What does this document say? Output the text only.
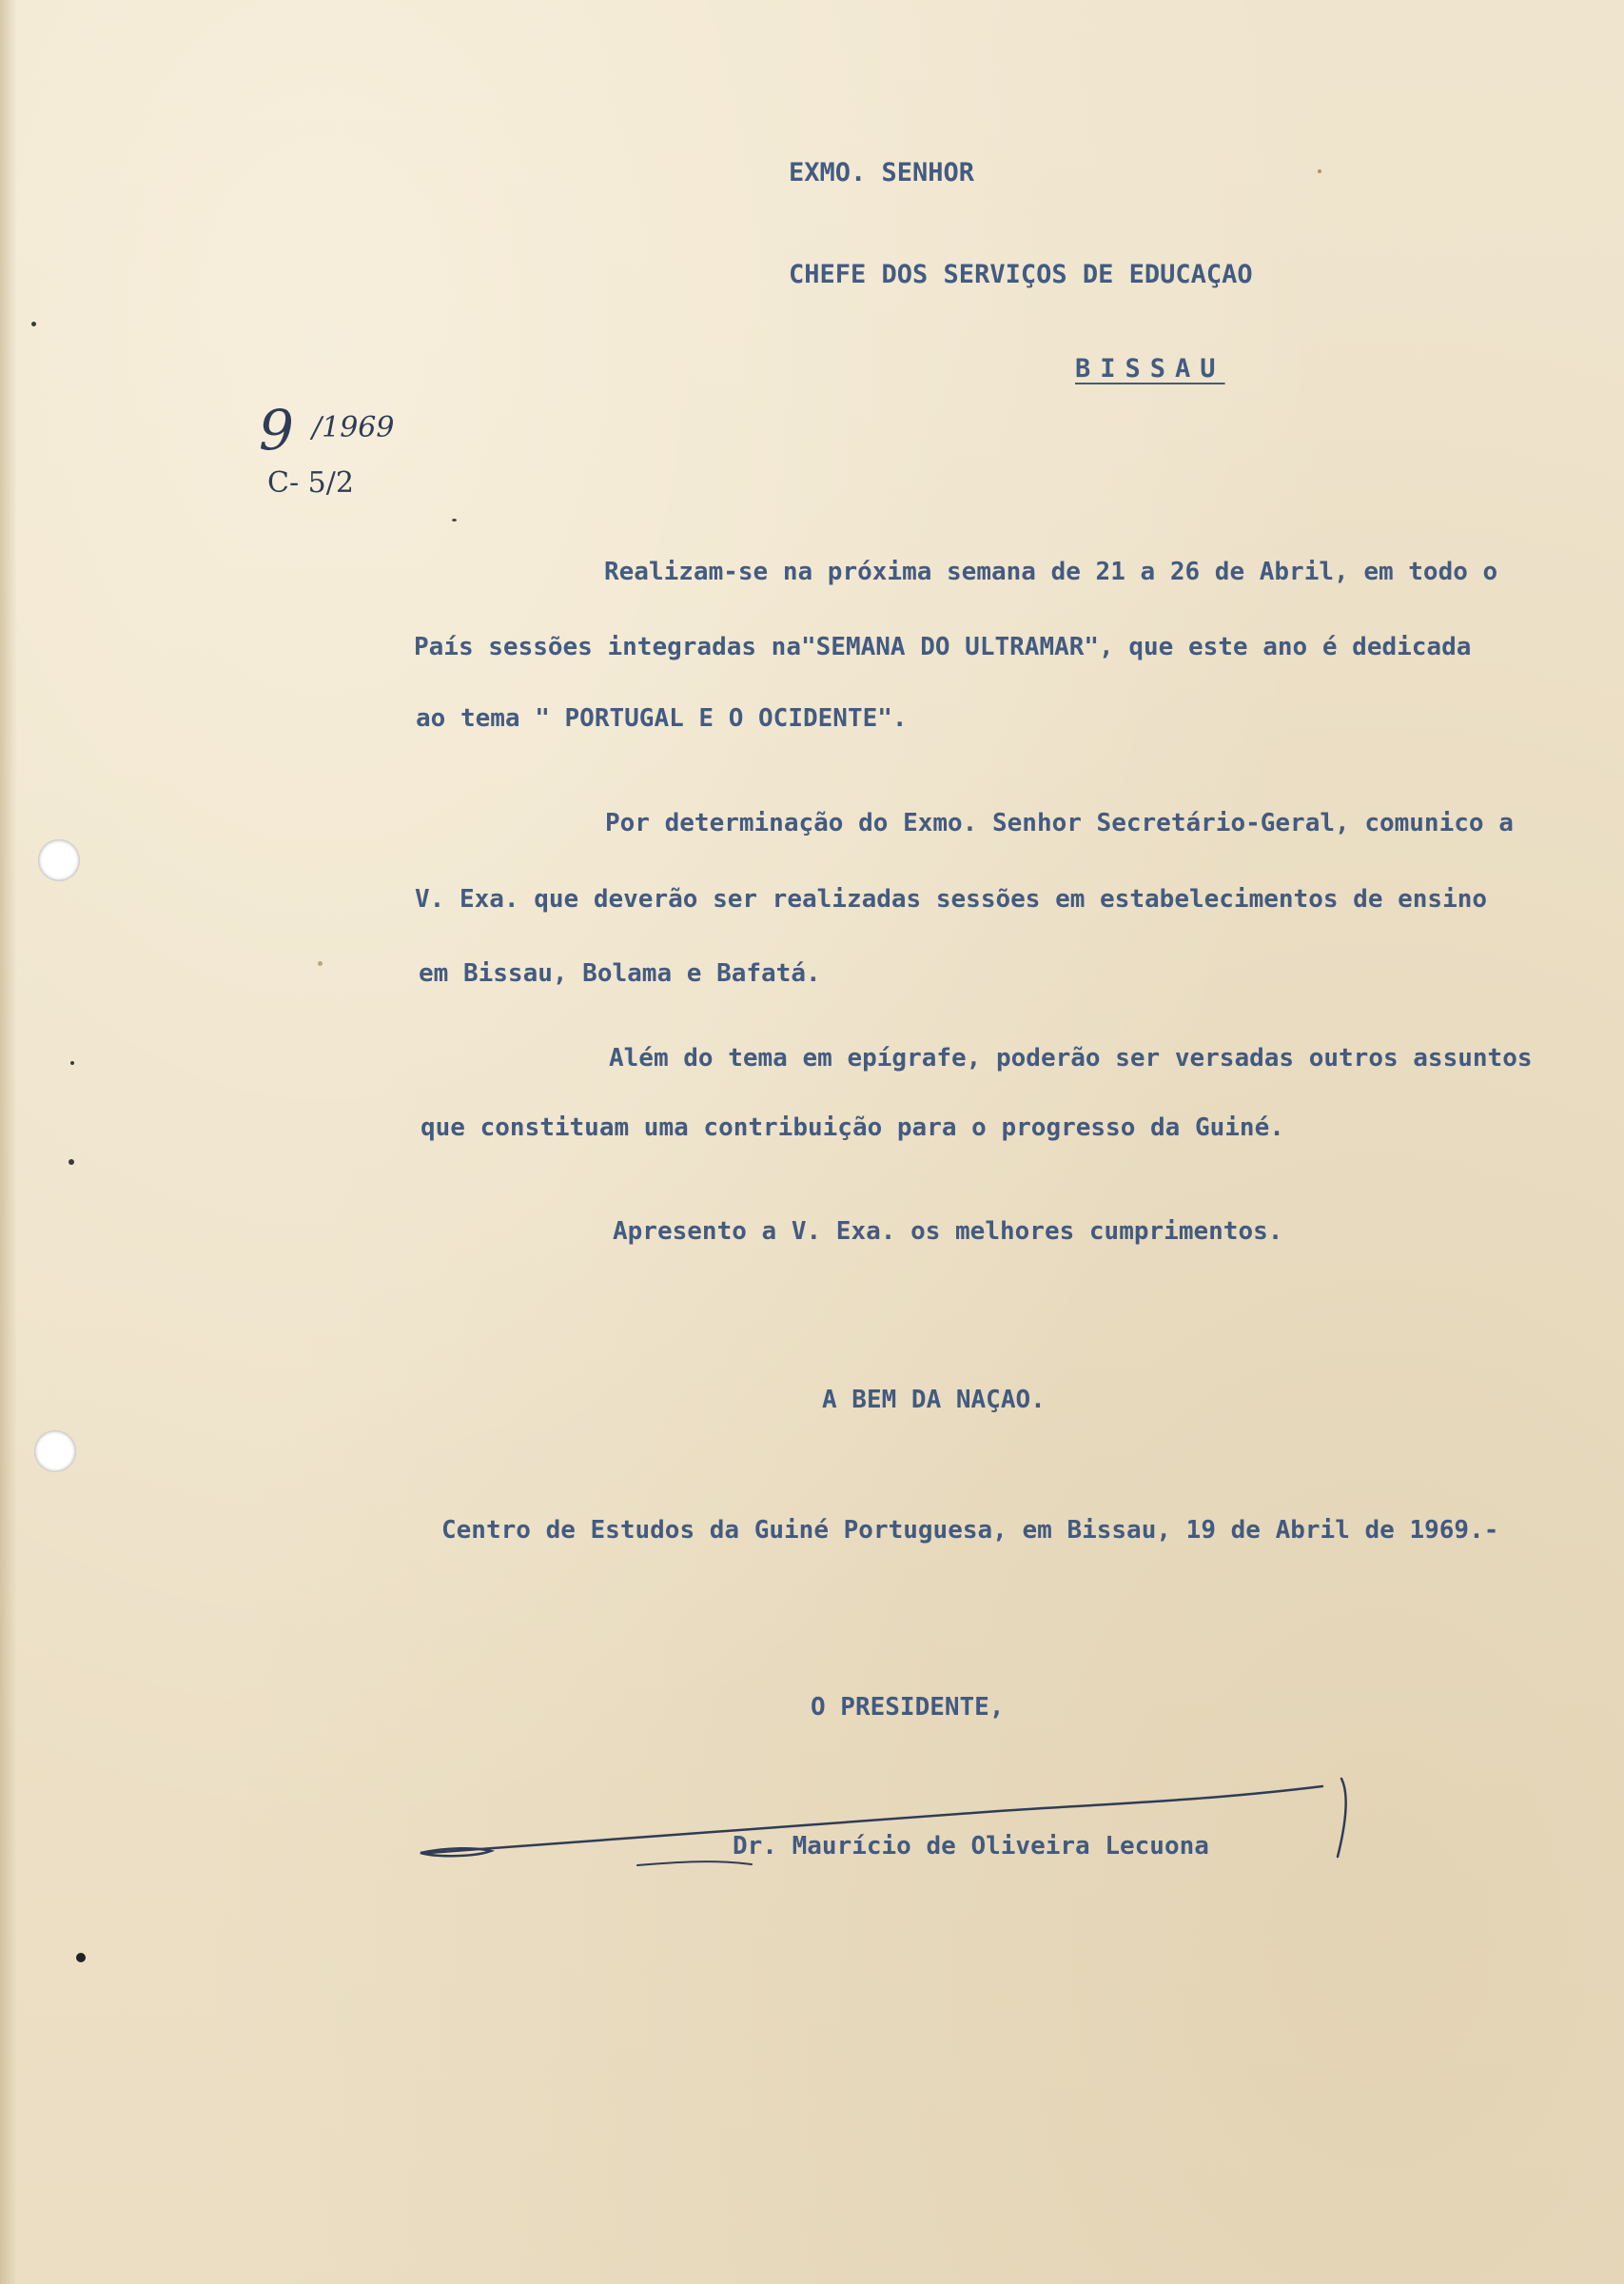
EXMO. SENHOR
CHEFE DOS SERVIÇOS DE EDUCAÇAO
BISSAU
9 /1969
C- 5/2
Realizam-se na próxima semana de 21 a 26 de Abril, em todo o
País sessões integradas na"SEMANA DO ULTRAMAR", que este ano é dedicada
ao tema " PORTUGAL E O OCIDENTE".
Por determinação do Exmo. Senhor Secretário-Geral, comunico a
V. Exa. que deverão ser realizadas sessões em estabelecimentos de ensino
em Bissau, Bolama e Bafatá.
Além do tema em epígrafe, poderão ser versadas outros assuntos
que constituam uma contribuição para o progresso da Guiné.
Apresento a V. Exa. os melhores cumprimentos.
A BEM DA NAÇAO.
Centro de Estudos da Guiné Portuguesa, em Bissau, 19 de Abril de 1969.-
O PRESIDENTE,
Dr. Maurício de Oliveira Lecuona
